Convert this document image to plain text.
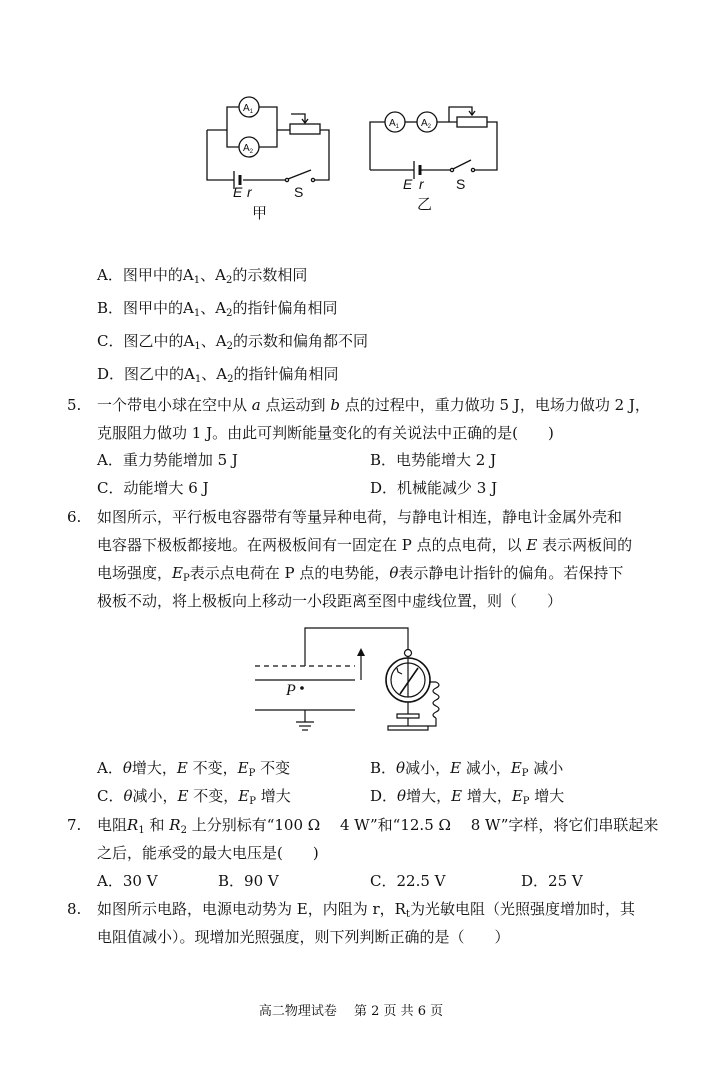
$A_1$
$A_2$
$A_1$ $A_2$
E r	E r
S	S
甲
乙
A．图甲中的$A_1$、$A_2$的示数相同
B．图甲中的$A_1$、$A_2$的指针偏角相同
C．图乙中的$A_1$、$A_2$的示数和偏角都不同
D．图乙中的$A_1$、$A_2$的指针偏角相同
5. 一个带电小球在空中从 a 点运动到 b 点的过程中，重力做功 5 J，电场力做功 2 J，
克服阻力做功 1 J。由此可判断能量变化的有关说法中正确的是(　　)
A．重力势能增加 5 J	B．电势能增大 2 J
C．动能增大 6 J	D．机械能减少 3 J
6. 如图所示，平行板电容器带有等量异种电荷，与静电计相连，静电计金属外壳和
电容器下极板都接地。在两极板间有一固定在 P 点的点电荷，以 E 表示两板间的
电场强度，$E_P$表示点电荷在 P 点的电势能，θ表示静电计指针的偏角。若保持下
极板不动，将上极板向上移动一小段距离至图中虚线位置，则（　　）
P
A．θ增大，E 不变，$E_P$ 不变	B．θ减小，E 减小，$E_P$ 减小
C．θ减小，E 不变，$E_P$ 增大	D．θ增大，E 增大，$E_P$ 增大
7. 电阻$R_1$ 和 $R_2$ 上分别标有“100 Ω　 4 W”和“12.5 Ω　 8 W”字样，将它们串联起来
之后，能承受的最大电压是(　　)
A．30 V	B．90 V	C．22.5 V	D．25 V
8. 如图所示电路，电源电动势为 E，内阻为 r，$R_t$为光敏电阻（光照强度增加时，其
电阻值减小）。现增加光照强度，则下列判断正确的是（　　）
高二物理试卷　 第 2 页 共 6 页
